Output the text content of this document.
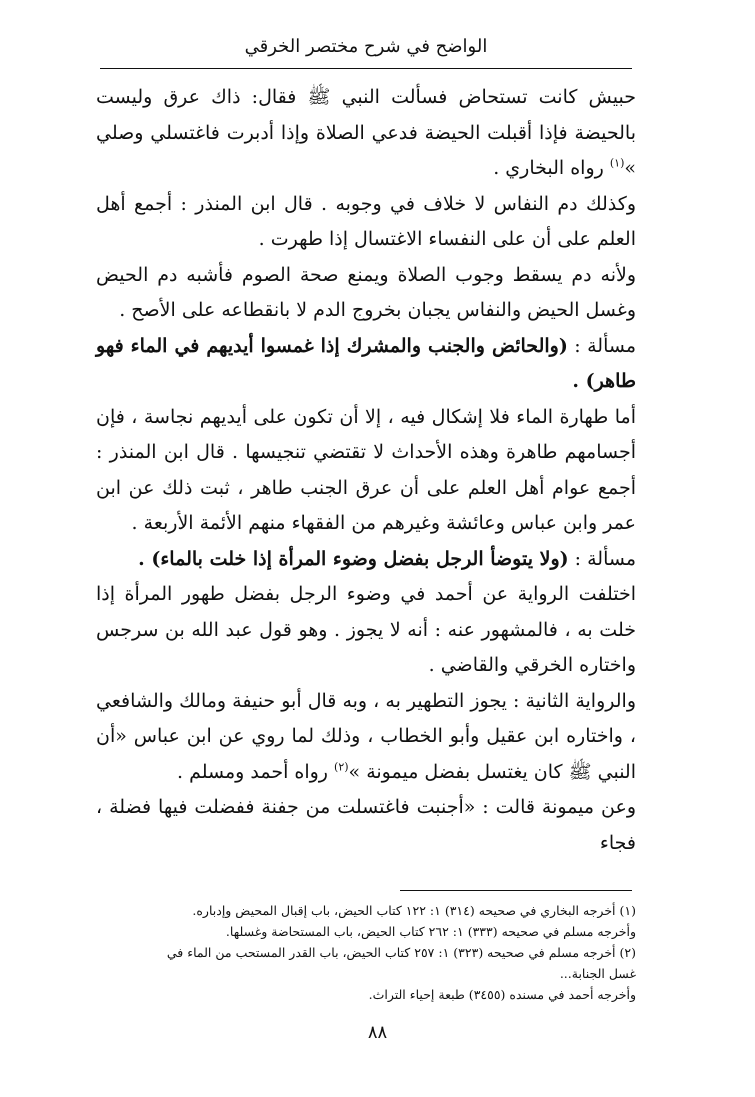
الواضح في شرح مختصر الخرقي

حبيش كانت تستحاض فسألت النبي ﷺ فقال: ذاك عرق وليست بالحيضة فإذا أقبلت الحيضة فدعي الصلاة وإذا أدبرت فاغتسلي وصلي »$^{(١)}$ رواه البخاري .

وكذلك دم النفاس لا خلاف في وجوبه . قال ابن المنذر : أجمع أهل العلم على أن على النفساء الاغتسال إذا طهرت .

ولأنه دم يسقط وجوب الصلاة ويمنع صحة الصوم فأشبه دم الحيض وغسل الحيض والنفاس يجبان بخروج الدم لا بانقطاعه على الأصح .

مسألة : (والحائض والجنب والمشرك إذا غمسوا أيديهم في الماء فهو طاهر) .

أما طهارة الماء فلا إشكال فيه ، إلا أن تكون على أيديهم نجاسة ، فإن أجسامهم طاهرة وهذه الأحداث لا تقتضي تنجيسها . قال ابن المنذر : أجمع عوام أهل العلم على أن عرق الجنب طاهر ، ثبت ذلك عن ابن عمر وابن عباس وعائشة وغيرهم من الفقهاء منهم الأئمة الأربعة .

مسألة : (ولا يتوضأ الرجل بفضل وضوء المرأة إذا خلت بالماء) .

اختلفت الرواية عن أحمد في وضوء الرجل بفضل طهور المرأة إذا خلت به ، فالمشهور عنه : أنه لا يجوز . وهو قول عبد الله بن سرجس واختاره الخرقي والقاضي .

والرواية الثانية : يجوز التطهير به ، وبه قال أبو حنيفة ومالك والشافعي ، واختاره ابن عقيل وأبو الخطاب ، وذلك لما روي عن ابن عباس «أن النبي ﷺ كان يغتسل بفضل ميمونة »$^{(٢)}$ رواه أحمد ومسلم .

وعن ميمونة قالت : «أجنبت فاغتسلت من جفنة ففضلت فيها فضلة ، فجاء

(١) أخرجه البخاري في صحيحه (٣١٤) ١: ١٢٢ كتاب الحيض، باب إقبال المحيض وإدباره.

وأخرجه مسلم في صحيحه (٣٣٣) ١: ٢٦٢ كتاب الحيض، باب المستحاضة وغسلها.

(٢) أخرجه مسلم في صحيحه (٣٢٣) ١: ٢٥٧ كتاب الحيض، باب القدر المستحب من الماء في غسل الجنابة...

وأخرجه أحمد في مسنده (٣٤٥٥) طبعة إحياء التراث.

٨٨
